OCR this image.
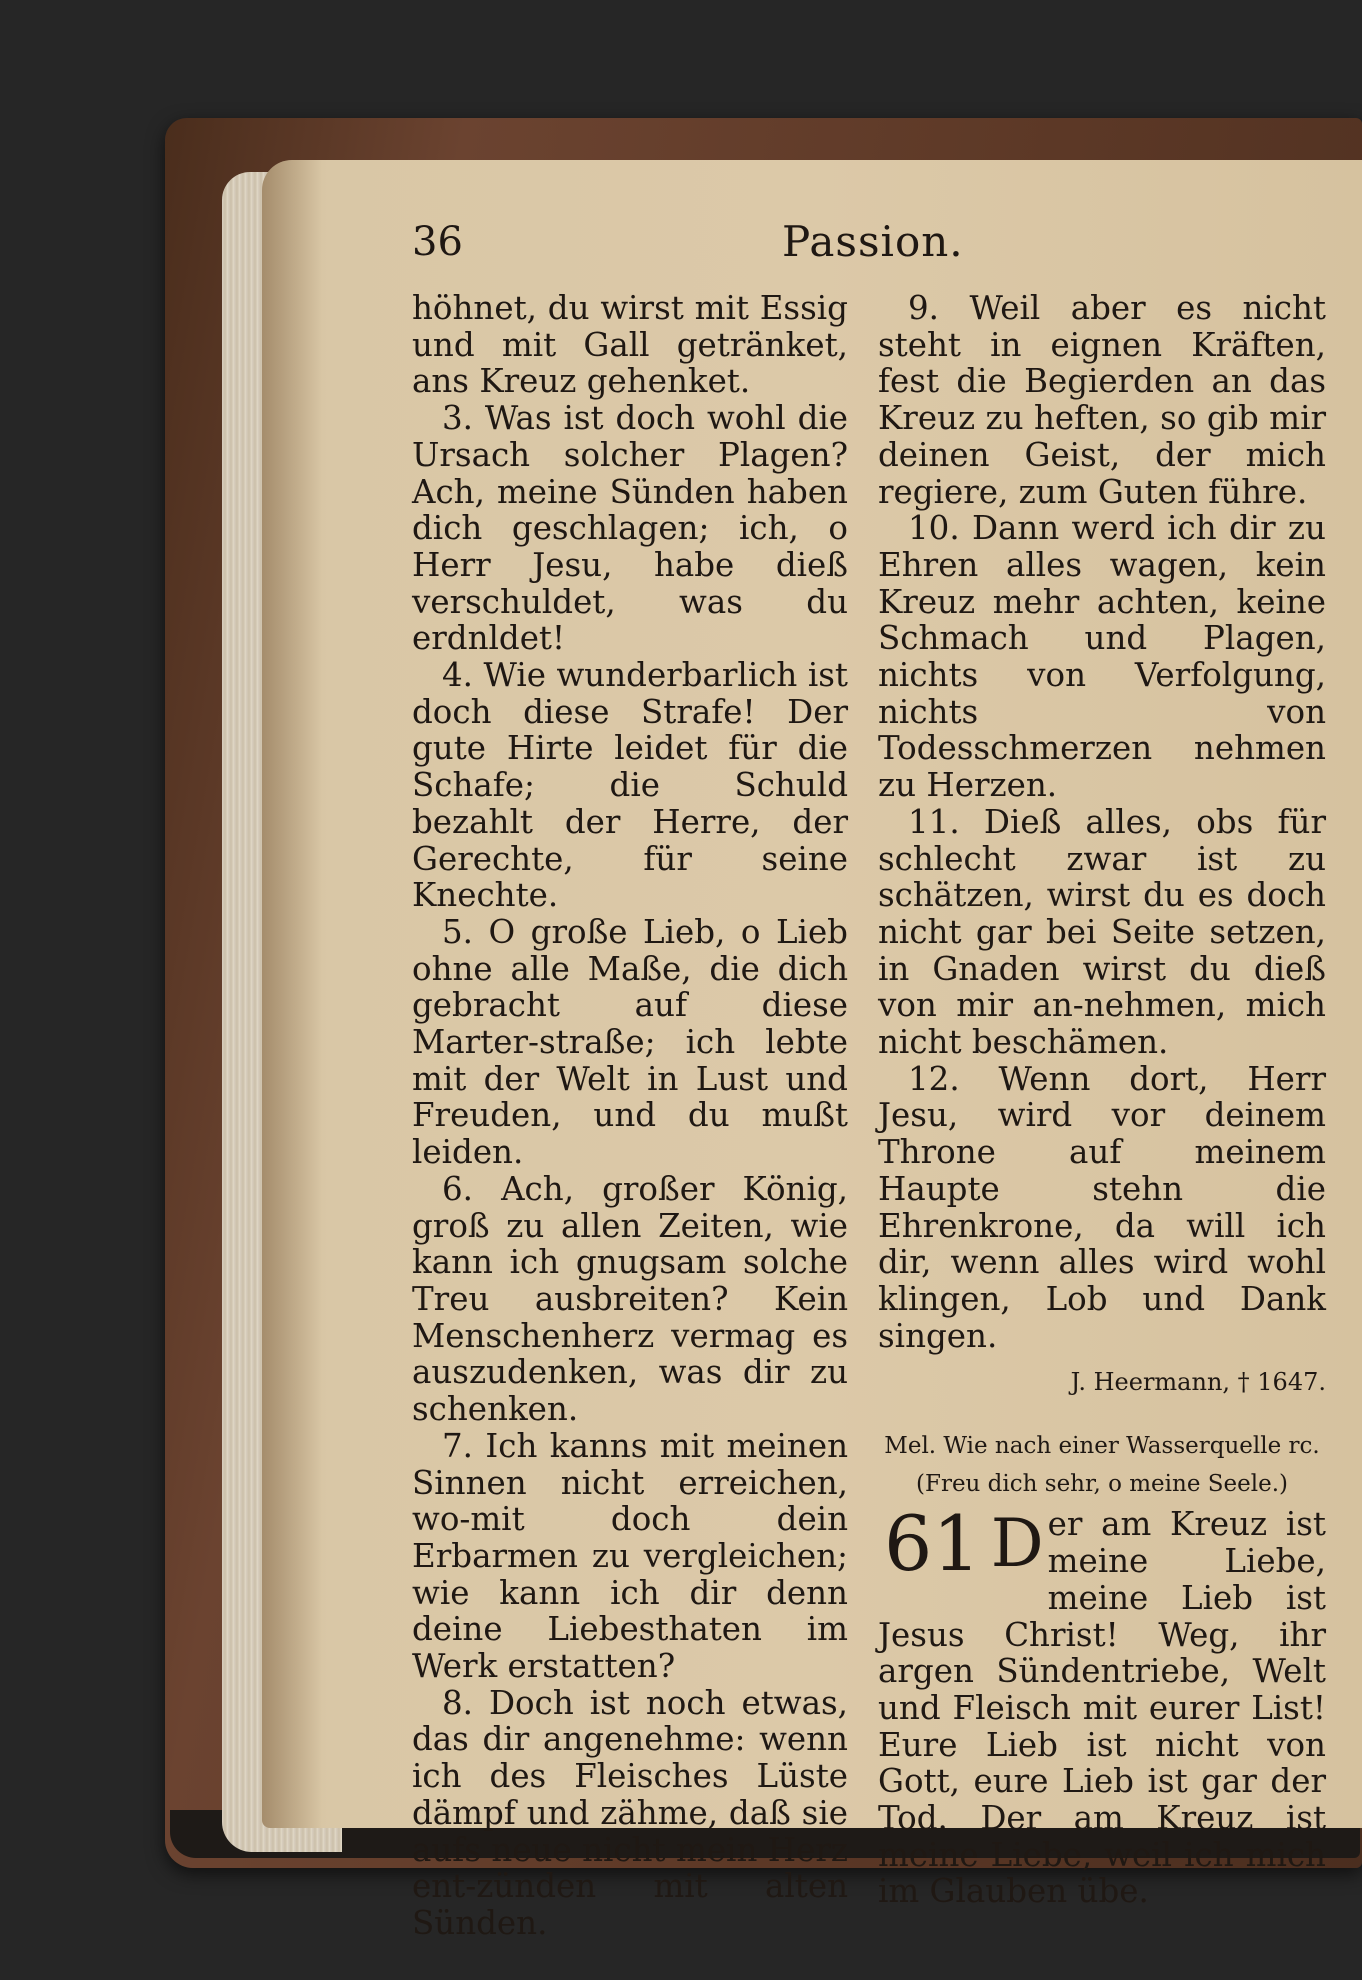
36	Passion.

höhnet, du wirst mit Essig und mit Gall getränket, ans Kreuz gehenket.

3. Was ist doch wohl die Ursach solcher Plagen? Ach, meine Sünden haben dich geschlagen; ich, o Herr Jesu, habe dieß verschuldet, was du erdnldet!

4. Wie wunderbarlich ist doch diese Strafe! Der gute Hirte leidet für die Schafe; die Schuld bezahlt der Herre, der Gerechte, für seine Knechte.

5. O große Lieb, o Lieb ohne alle Maße, die dich gebracht auf diese Marter-straße; ich lebte mit der Welt in Lust und Freuden, und du mußt leiden.

6. Ach, großer König, groß zu allen Zeiten, wie kann ich gnugsam solche Treu ausbreiten? Kein Menschenherz vermag es auszudenken, was dir zu schenken.

7. Ich kanns mit meinen Sinnen nicht erreichen, wo-mit doch dein Erbarmen zu vergleichen; wie kann ich dir denn deine Liebesthaten im Werk erstatten?

8. Doch ist noch etwas, das dir angenehme: wenn ich des Fleisches Lüste dämpf und zähme, daß sie aufs neue nicht mein Herz ent-zünden mit alten Sünden.

9. Weil aber es nicht steht in eignen Kräften, fest die Begierden an das Kreuz zu heften, so gib mir deinen Geist, der mich regiere, zum Guten führe.

10. Dann werd ich dir zu Ehren alles wagen, kein Kreuz mehr achten, keine Schmach und Plagen, nichts von Verfolgung, nichts von Todesschmerzen nehmen zu Herzen.

11. Dieß alles, obs für schlecht zwar ist zu schätzen, wirst du es doch nicht gar bei Seite setzen, in Gnaden wirst du dieß von mir an-nehmen, mich nicht beschämen.

12. Wenn dort, Herr Jesu, wird vor deinem Throne auf meinem Haupte stehn die Ehrenkrone, da will ich dir, wenn alles wird wohl klingen, Lob und Dank singen.

J. Heermann, † 1647.
Mel. Wie nach einer Wasserquelle rc.
(Freu dich sehr, o meine Seele.)
61 D er am Kreuz ist meine Liebe, meine Lieb ist Jesus Christ! Weg, ihr argen Sündentriebe, Welt und Fleisch mit eurer List! Eure Lieb ist nicht von Gott, eure Lieb ist gar der Tod. Der am Kreuz ist meine Liebe, weil ich mich im Glauben übe.
